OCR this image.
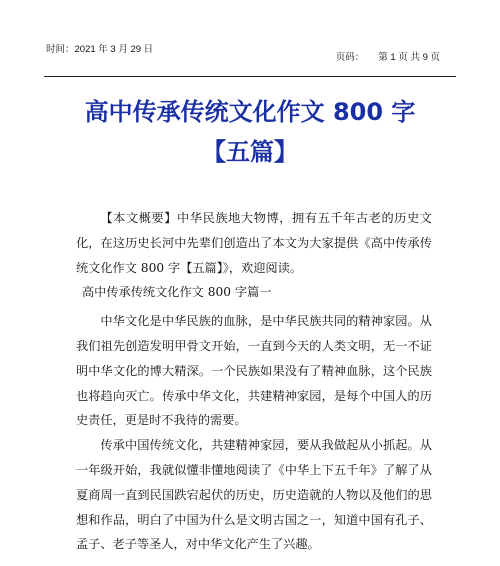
时间：2021 年 3 月 29 日
页码： 第 1 页 共 9 页
高中传承传统文化作文 800 字【五篇】

【本文概要】中华民族地大物博，拥有五千年古老的历史文化，在这历史长河中先辈们创造出了本文为大家提供《高中传承传统文化作文 800 字【五篇】》，欢迎阅读。

高中传承传统文化作文 800 字篇一

中华文化是中华民族的血脉，是中华民族共同的精神家园。从我们祖先创造发明甲骨文开始，一直到今天的人类文明，无一不证明中华文化的博大精深。一个民族如果没有了精神血脉，这个民族也将趋向灭亡。传承中华文化，共建精神家园，是每个中国人的历史责任，更是时不我待的需要。

传承中国传统文化，共建精神家园，要从我做起从小抓起。从一年级开始，我就似懂非懂地阅读了《中华上下五千年》了解了从夏商周一直到民国跌宕起伏的历史，历史造就的人物以及他们的思想和作品，明白了中国为什么是文明古国之一，知道中国有孔子、孟子、老子等圣人，对中华文化产生了兴趣。
